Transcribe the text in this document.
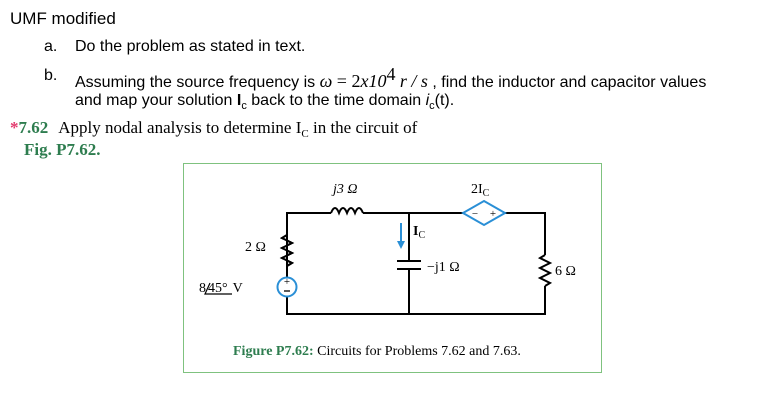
UMF modified
a. Do the problem as stated in text.
b. Assuming the source frequency is $\omega = 2x10^4$ r / s , find the inductor and capacitor values
and map your solution $I_c$ back to the time domain $i_c(t)$.
*7.62 Apply nodal analysis to determine $I_C$ in the circuit of
Fig. P7.62.
+
− +
j3 Ω	$2I_C$
$I_C$
2 Ω
−j1 Ω	6 Ω
8 45° V
Figure P7.62: Circuits for Problems 7.62 and 7.63.
